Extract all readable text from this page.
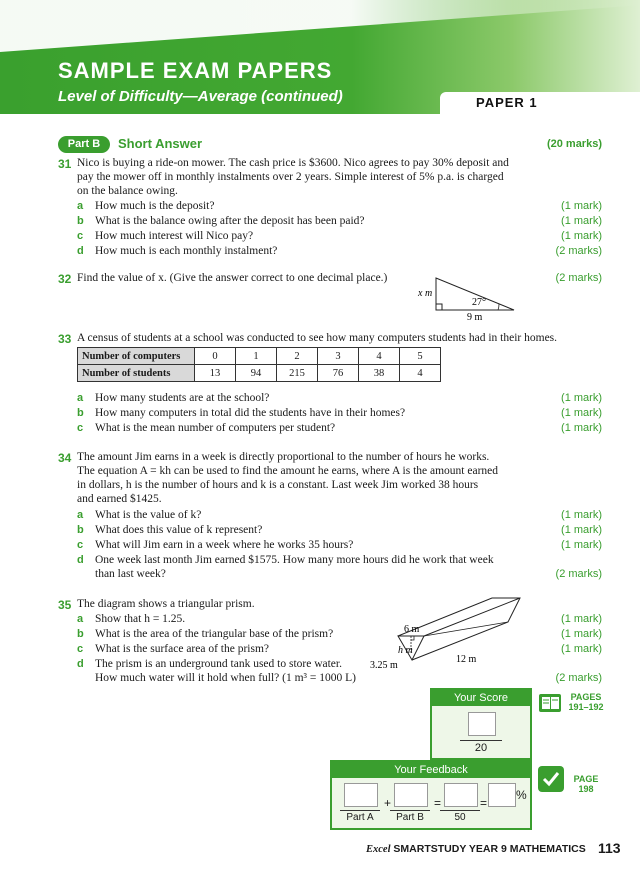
SAMPLE EXAM PAPERS
Level of Difficulty—Average (continued)	PAPER 1
Part B	Short Answer	(20 marks)
31 Nico is buying a ride-on mower. The cash price is $3600. Nico agrees to pay 30% deposit and
pay the mower off in monthly instalments over 2 years. Simple interest of 5% p.a. is charged
on the balance owing.
a How much is the deposit?	(1 mark)
b What is the balance owing after the deposit has been paid?	(1 mark)
c How much interest will Nico pay?	(1 mark)
d How much is each monthly instalment?	(2 marks)
32 Find the value of x. (Give the answer correct to one decimal place.)	(2 marks)
x m
27°
9 m
33 A census of students at a school was conducted to see how many computers students had in their homes.
Number of computers	0	1	2	3	4	5
Number of students	13	94	215	76	38	4
a How many students are at the school?	(1 mark)
b How many computers in total did the students have in their homes?	(1 mark)
c What is the mean number of computers per student?	(1 mark)
34 The amount Jim earns in a week is directly proportional to the number of hours he works.
The equation A = kh can be used to find the amount he earns, where A is the amount earned
in dollars, h is the number of hours and k is a constant. Last week Jim worked 38 hours
and earned $1425.
a What is the value of k?	(1 mark)
b What does this value of k represent?	(1 mark)
c What will Jim earn in a week where he works 35 hours?	(1 mark)
d One week last month Jim earned $1575. How many more hours did he work that week
than last week?	(2 marks)
35 The diagram shows a triangular prism.
a Show that h = 1.25.	(1 mark)
b What is the area of the triangular base of the prism?	(1 mark)
c What is the surface area of the prism?	(1 mark)
d The prism is an underground tank used to store water.
How much water will it hold when full? (1 m³ = 1000 L)	(2 marks)
6 m
h m
3.25 m
12 m
Your Score
20
PAGES 191–192
Your Feedback
Part A
+
Part B
=
50
=
%
PAGE 198
Excel SMARTSTUDY YEAR 9 MATHEMATICS 113
